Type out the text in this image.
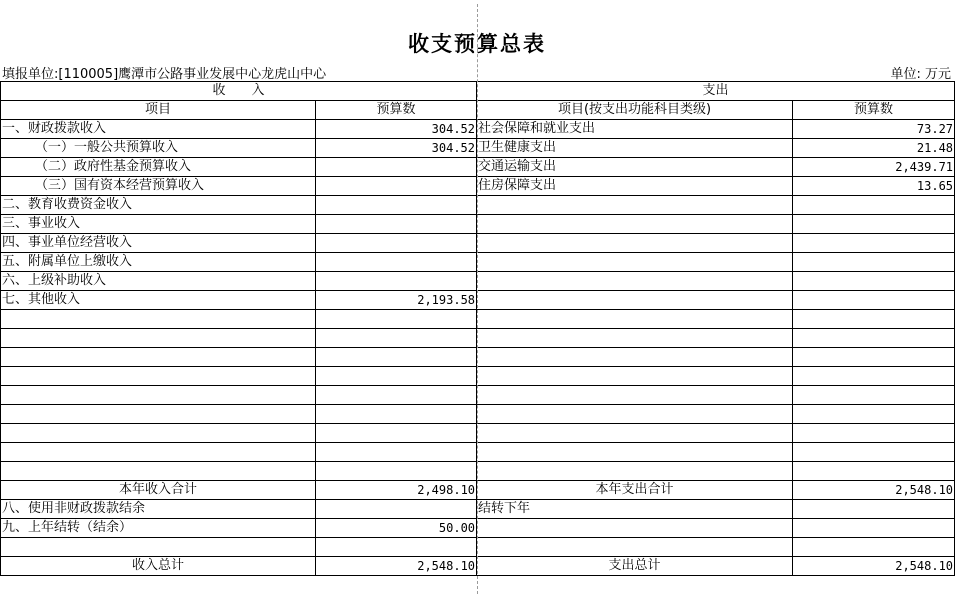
收支预算总表
填报单位:[110005]鹰潭市公路事业发展中心龙虎山中心	单位: 万元
收　　入		支出	
项目	预算数	项目(按支出功能科目类级)	预算数
一、财政拨款收入	304.52	社会保障和就业支出	73.27
（一）一般公共预算收入	304.52	卫生健康支出	21.48
（二）政府性基金预算收入		交通运输支出	2,439.71
（三）国有资本经营预算收入		住房保障支出	13.65
二、教育收费资金收入			
三、事业收入			
四、事业单位经营收入			
五、附属单位上缴收入			
六、上级补助收入			
七、其他收入	2,193.58		

本年收入合计	2,498.10	本年支出合计	2,548.10
八、使用非财政拨款结余		结转下年	
九、上年结转（结余）	50.00		

收入总计	2,548.10	支出总计	2,548.10
